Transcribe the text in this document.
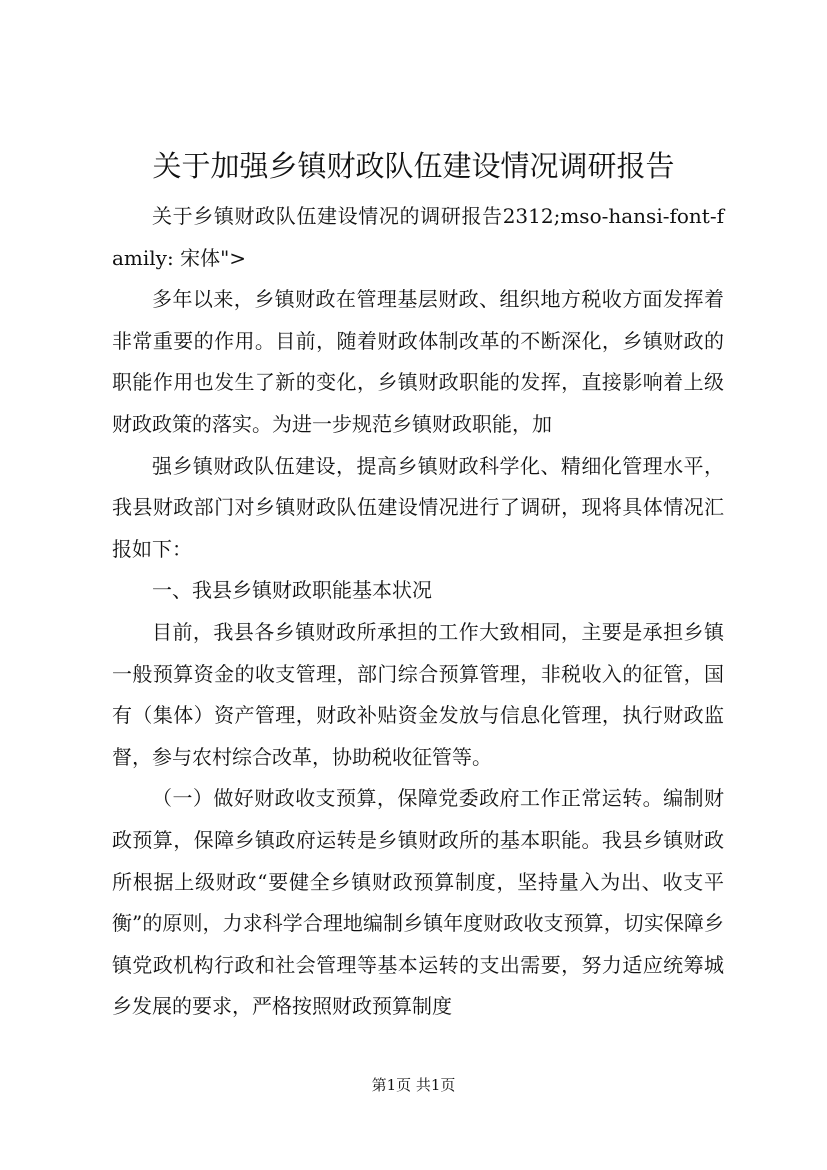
关于加强乡镇财政队伍建设情况调研报告

关于乡镇财政队伍建设情况的调研报告2312;mso-hansi-font-family: 宋体">

多年以来，乡镇财政在管理基层财政、组织地方税收方面发挥着非常重要的作用。目前，随着财政体制改革的不断深化，乡镇财政的职能作用也发生了新的变化，乡镇财政职能的发挥，直接影响着上级财政政策的落实。为进一步规范乡镇财政职能，加

强乡镇财政队伍建设，提高乡镇财政科学化、精细化管理水平，我县财政部门对乡镇财政队伍建设情况进行了调研，现将具体情况汇报如下：

一、我县乡镇财政职能基本状况

目前，我县各乡镇财政所承担的工作大致相同，主要是承担乡镇一般预算资金的收支管理，部门综合预算管理，非税收入的征管，国有（集体）资产管理，财政补贴资金发放与信息化管理，执行财政监督，参与农村综合改革，协助税收征管等。

（一）做好财政收支预算，保障党委政府工作正常运转。编制财政预算，保障乡镇政府运转是乡镇财政所的基本职能。我县乡镇财政所根据上级财政“要健全乡镇财政预算制度，坚持量入为出、收支平衡”的原则，力求科学合理地编制乡镇年度财政收支预算，切实保障乡镇党政机构行政和社会管理等基本运转的支出需要，努力适应统筹城乡发展的要求，严格按照财政预算制度

第1页 共1页
